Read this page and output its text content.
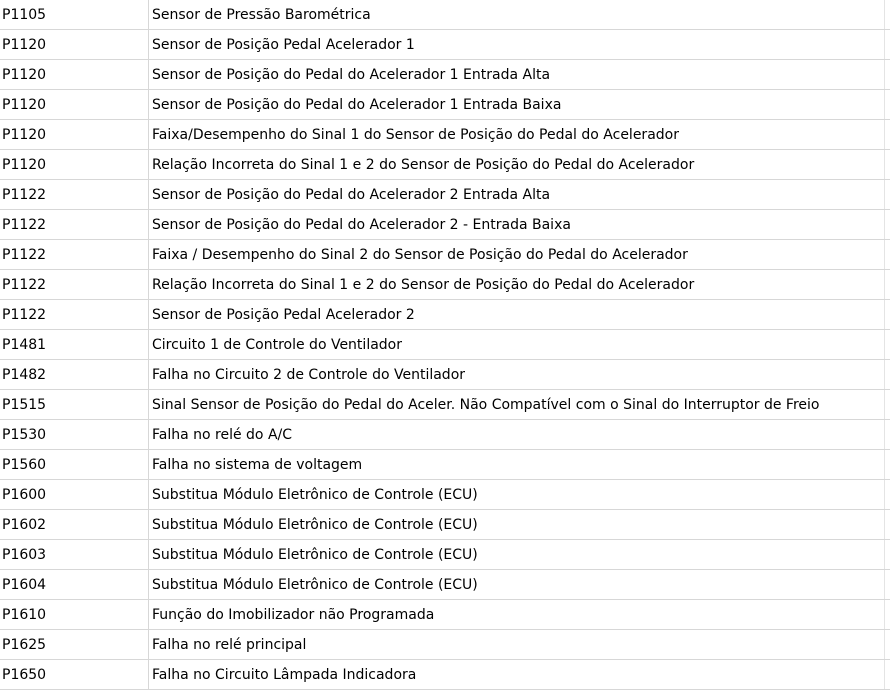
P1105	Sensor de Pressão Barométrica
P1120	Sensor de Posição Pedal Acelerador 1
P1120	Sensor de Posição do Pedal do Acelerador 1 Entrada Alta
P1120	Sensor de Posição do Pedal do Acelerador 1 Entrada Baixa
P1120	Faixa/Desempenho do Sinal 1 do Sensor de Posição do Pedal do Acelerador
P1120	Relação Incorreta do Sinal 1 e 2 do Sensor de Posição do Pedal do Acelerador
P1122	Sensor de Posição do Pedal do Acelerador 2 Entrada Alta
P1122	Sensor de Posição do Pedal do Acelerador 2 - Entrada Baixa
P1122	Faixa / Desempenho do Sinal 2 do Sensor de Posição do Pedal do Acelerador
P1122	Relação Incorreta do Sinal 1 e 2 do Sensor de Posição do Pedal do Acelerador
P1122	Sensor de Posição Pedal Acelerador 2
P1481	Circuito 1 de Controle do Ventilador
P1482	Falha no Circuito 2 de Controle do Ventilador
P1515	Sinal Sensor de Posição do Pedal do Aceler. Não Compatível com o Sinal do Interruptor de Freio
P1530	Falha no relé do A/C
P1560	Falha no sistema de voltagem
P1600	Substitua Módulo Eletrônico de Controle (ECU)
P1602	Substitua Módulo Eletrônico de Controle (ECU)
P1603	Substitua Módulo Eletrônico de Controle (ECU)
P1604	Substitua Módulo Eletrônico de Controle (ECU)
P1610	Função do Imobilizador não Programada
P1625	Falha no relé principal
P1650	Falha no Circuito Lâmpada Indicadora
